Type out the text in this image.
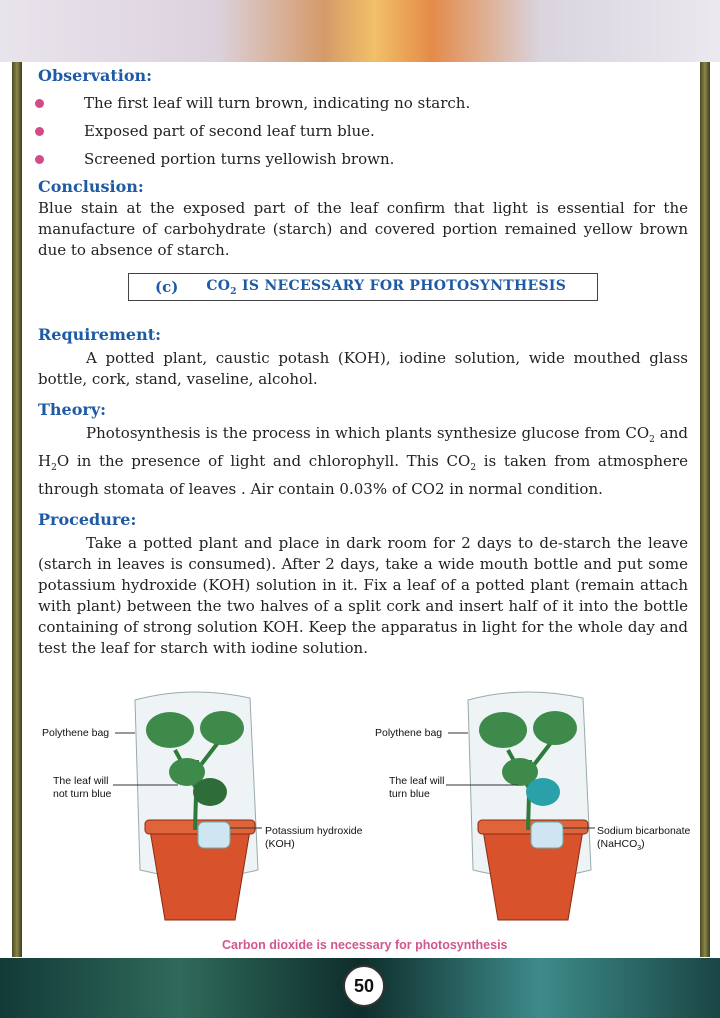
Observation:
The first leaf will turn brown, indicating no starch.
Exposed part of second leaf turn blue.
Screened portion turns yellowish brown.
Conclusion:

Blue stain at the exposed part of the leaf confirm that light is essential for the manufacture of carbohydrate (starch) and covered portion remained yellow brown due to absence of starch.

(c) $CO_2$ IS NECESSARY FOR PHOTOSYNTHESIS
Requirement:

A potted plant, caustic potash (KOH), iodine solution, wide mouthed glass bottle, cork, stand, vaseline, alcohol.

Theory:

Photosynthesis is the process in which plants synthesize glucose from $CO_2$ and $H_2O$ in the presence of light and chlorophyll. This $CO_2$ is taken from atmosphere through stomata of leaves . Air contain 0.03% of CO2 in normal condition.

Procedure:

Take a potted plant and place in dark room for 2 days to de-starch the leave (starch in leaves is consumed). After 2 days, take a wide mouth bottle and put some potassium hydroxide (KOH) solution in it. Fix a leaf of a potted plant (remain attach with plant) between the two halves of a split cork and insert half of it into the bottle containing of strong solution KOH. Keep the apparatus in light for the whole day and test the leaf for starch with iodine solution.

Polythene bag
The leaf will
not turn blue
Potassium hydroxide
(KOH)
Polythene bag
The leaf will
turn blue
Sodium bicarbonate
(NaHCO$_3$)
Carbon dioxide is necessary for photosynthesis
50
